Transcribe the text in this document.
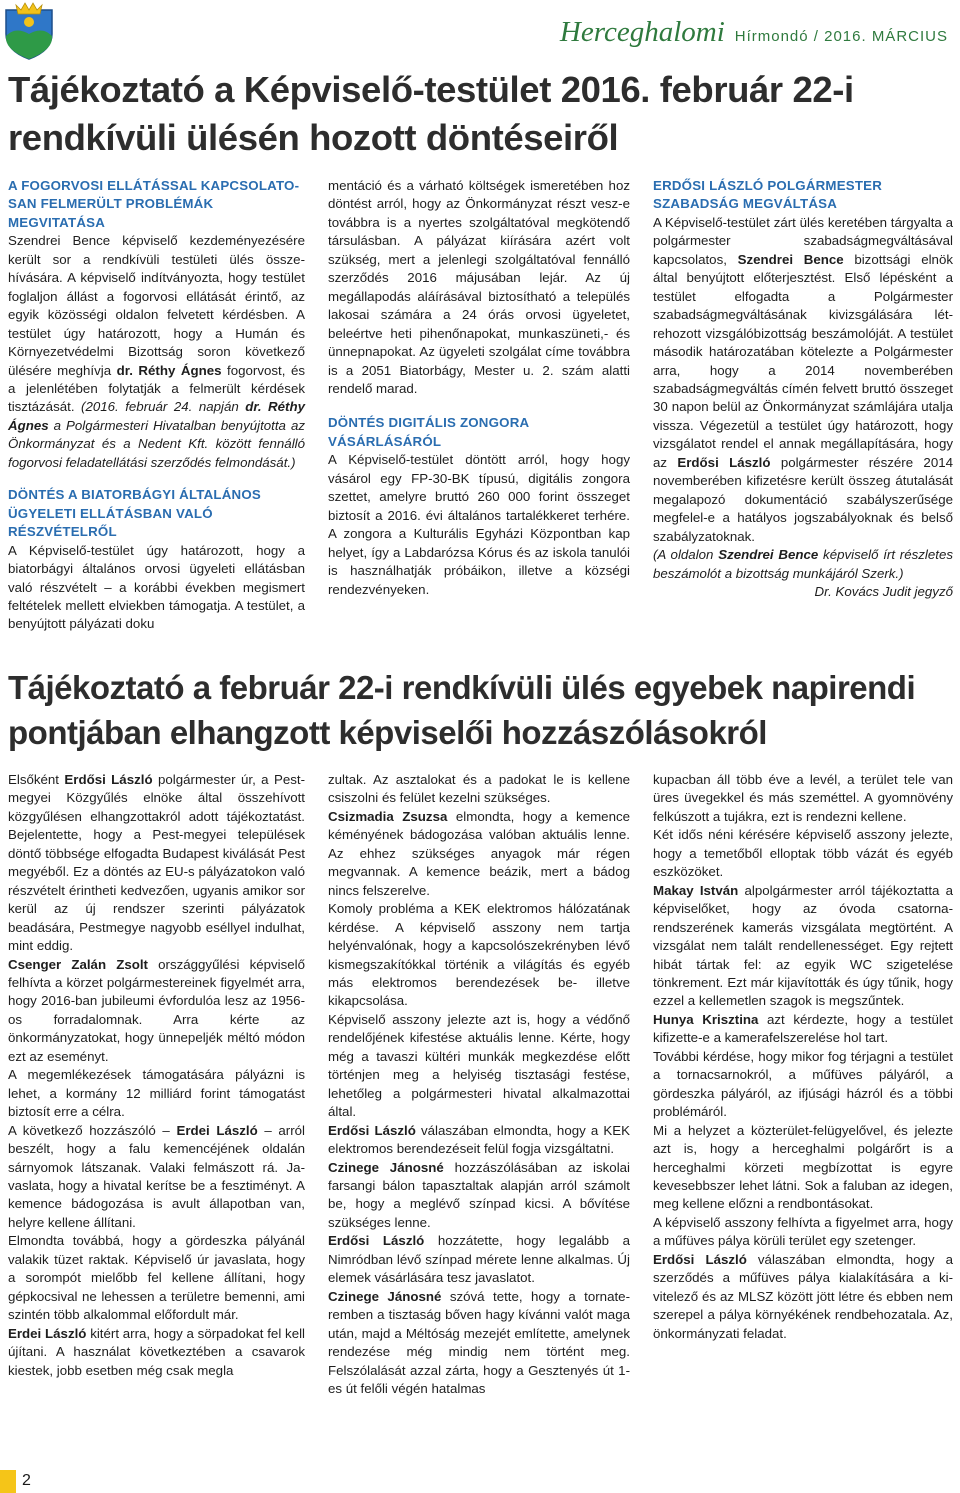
Herceghalomi Hírmondó / 2016. MÁRCIUS
Tájékoztató a Képviselő-testület 2016. február 22-i
rendkívüli ülésén hozott döntéseiről

A FOGORVOSI ELLÁTÁSSAL KAPCSOLATOSAN FELMERÜLT PROBLÉMÁK MEGVITATÁSA

Szendrei Bence képviselő kezdeményezésére került sor a rendkívüli testületi ülés összehívására. A képviselő indítványozta, hogy testület foglaljon állást a fogorvosi ellátását érintő, az egyik közösségi oldalon felvetett kérdésben. A testület úgy határozott, hogy a Humán és Környezetvédelmi Bizottság soron következő ülésére meghívja dr. Réthy Ágnes fogorvost, és a jelenlétében folytatják a felmerült kérdések tisztázását. (2016. február 24. napján dr. Réthy Ágnes a Polgármesteri Hivatalban benyújtotta az Önkormányzat és a Nedent Kft. között fennálló fogorvosi feladatellátási szerződés felmondását.)

DÖNTÉS A BIATORBÁGYI ÁLTALÁNOS ÜGYELETI ELLÁTÁSBAN VALÓ RÉSZVÉTELRŐL

A Képviselő-testület úgy határozott, hogy a biatorbágyi általános orvosi ügyeleti ellátásban való részvételt – a korábbi években megismert feltételek mellett elviekben támogatja. A testület, a benyújtott pályázati doku

mentáció és a várható költségek ismeretében hoz döntést arról, hogy az Önkormányzat részt vesz-e továbbra is a nyertes szolgáltatóval megkötendő társulásban. A pályázat kiírására azért volt szükség, mert a jelenlegi szolgáltatóval fennálló szerződés 2016 májusában lejár. Az új megállapodás aláírásával biztosítható a település lakosai számára a 24 órás orvosi ügyeletet, beleértve heti pihenőnapokat, munkaszüneti,- és ünnepnapokat. Az ügyeleti szolgálat címe továbbra is a 2051 Biatorbágy, Mester u. 2. szám alatti rendelő marad.

DÖNTÉS DIGITÁLIS ZONGORA VÁSÁRLÁSÁRÓL

A Képviselő-testület döntött arról, hogy hogy vásárol egy FP-30-BK típusú, digitális zongora szettet, amelyre bruttó 260 000 forint összeget biztosít a 2016. évi általános tartalékkeret terhére. A zongora a Kulturális Egyházi Központban kap helyet, így a Labdarózsa Kórus és az iskola tanulói is használhatják próbáikon, illetve a községi rendezvényeken.

ERDŐSI LÁSZLÓ POLGÁRMESTER SZABADSÁG MEGVÁLTÁSA

A Képviselő-testület zárt ülés keretében tárgyalta a polgármester szabadságmegváltásával kapcsolatos, Szendrei Bence bizottsági elnök által benyújtott előterjesztést. Első lépésként a testület elfogadta a Polgármester szabadságmegváltásának kivizsgálására létrehozott vizsgálóbizottság beszámolóját. A testület második határozatában kötelezte a Polgármester arra, hogy a 2014 novemberében szabadságmegváltás címén felvett bruttó összeget 30 napon belül az Önkormányzat számlájára utalja vissza. Végezetül a testület úgy határozott, hogy vizsgálatot rendel el annak megállapítására, hogy az Erdősi László polgármester részére 2014 novemberében kifizetésre került összeg átutalását megalapozó dokumentáció szabályszerűsége megfelel-e a hatályos jogszabályoknak és belső szabályzatoknak.

(A oldalon Szendrei Bence képviselő írt részletes beszámolót a bizottság munkájáról Szerk.)

Dr. Kovács Judit jegyző

Tájékoztató a február 22-i rendkívüli ülés egyebek napirendi
pontjában elhangzott képviselői hozzászólásokról

Elsőként Erdősi László polgármester úr, a Pest-megyei Közgyűlés elnöke által összehívott közgyűlésen elhangzottakról adott tájékoztatást. Bejelentette, hogy a Pest-megyei települések döntő többsége elfogadta Budapest kiválását Pest megyéből. Ez a döntés az EU-s pályázatokon való részvételt érintheti kedvezően, ugyanis amikor sor kerül az új rendszer szerinti pályázatok beadására, Pestmegye nagyobb eséllyel indulhat, mint eddig.

Csenger Zalán Zsolt országgyűlési képviselő felhívta a körzet polgármestereinek figyelmét arra, hogy 2016-ban jubileumi évfordulóa lesz az 1956-os forradalomnak. Arra kérte az önkormányzatokat, hogy ünnepeljék méltó módon ezt az eseményt.

A megemlékezések támogatására pályázni is lehet, a kormány 12 milliárd forint támogatást biztosít erre a célra.

A következő hozzászóló – Erdei László – arról beszélt, hogy a falu kemencéjének oldalán sárnyomok látszanak. Valaki felmászott rá. Javaslata, hogy a hivatal kerítse be a fesztiményt. A kemence bádogozása is avult állapotban van, helyre kellene állítani.

Elmondta továbbá, hogy a gördeszka pályánál valakik tüzet raktak. Képviselő úr javaslata, hogy a sorompót mielőbb fel kellene állítani, hogy gépkocsival ne lehessen a területre bemenni, ami szintén több alkalommal előfordult már.

Erdei László kitért arra, hogy a sörpadokat fel kell újítani. A használat következtében a csavarok kiestek, jobb esetben még csak megla

zultak. Az asztalokat és a padokat le is kellene csiszolni és felület kezelni szükséges.

Csizmadia Zsuzsa elmondta, hogy a kemence kéményének bádogozása valóban aktuális lenne. Az ehhez szükséges anyagok már régen megvannak. A kemence beázik, mert a bádog nincs felszerelve.

Komoly probléma a KEK elektromos hálózatának kérdése. A képviselő asszony nem tartja helyénvalónak, hogy a kapcsolószekrényben lévő kismegszakítókkal történik a világítás és egyéb más elektromos berendezések be- illetve kikapcsolása.

Képviselő asszony jelezte azt is, hogy a védőnő rendelőjének kifestése aktuális lenne. Kérte, hogy még a tavaszi kültéri munkák megkezdése előtt történjen meg a helyiség tisztasági festése, lehetőleg a polgármesteri hivatal alkalmazottai által.

Erdősi László válaszában elmondta, hogy a KEK elektromos berendezéseit felül fogja vizsgáltatni.

Czinege Jánosné hozzászólásában az iskolai farsangi bálon tapasztaltak alapján arról számolt be, hogy a meglévő színpad kicsi. A bővítése szükséges lenne.

Erdősi László hozzátette, hogy legalább a Nimródban lévő színpad mérete lenne alkalmas. Új elemek vásárlására tesz javaslatot.

Czinege Jánosné szóvá tette, hogy a tornateremben a tisztaság bőven hagy kívánni valót maga után, majd a Méltóság mezejét említette, amelynek rendezése még mindig nem történt meg. Felszólalását azzal zárta, hogy a Gesztenyés út 1-es út felőli végén hatalmas

kupacban áll több éve a levél, a terület tele van üres üvegekkel és más szeméttel. A gyomnövény felkúszott a tujákra, ezt is rendezni kellene.

Két idős néni kérésére képviselő asszony jelezte, hogy a temetőből elloptak több vázát és egyéb eszközöket.

Makay István alpolgármester arról tájékoztatta a képviselőket, hogy az óvoda csatornarendszerének kamerás vizsgálata megtörtént. A vizsgálat nem talált rendellenességet. Egy rejtett hibát tártak fel: az egyik WC szigetelése tönkrement. Ezt már kijavították és úgy tűnik, hogy ezzel a kellemetlen szagok is megszűntek.

Hunya Krisztina azt kérdezte, hogy a testület kifizette-e a kamerafelszerelése hol tart.

További kérdése, hogy mikor fog térjagni a testület a tornacsarnokról, a műfüves pályáról, a gördeszka pályáról, az ifjúsági házról és a többi problémáról.

Mi a helyzet a közterület-felügyelővel, és jelezte azt is, hogy a herceghalmi polgárőrt is a herceghalmi körzeti megbízottat is egyre kevesebbszer lehet látni. Sok a faluban az idegen, meg kellene előzni a rendbontásokat.

A képviselő asszony felhívta a figyelmet arra, hogy a műfüves pálya körüli terület egy szetenger.

Erdősi László válaszában elmondta, hogy a szerződés a műfüves pálya kialakítására a kivitelező és az MLSZ között jött létre és ebben nem szerepel a pálya környékének rendbehozatala. Az, önkormányzati feladat.

2
